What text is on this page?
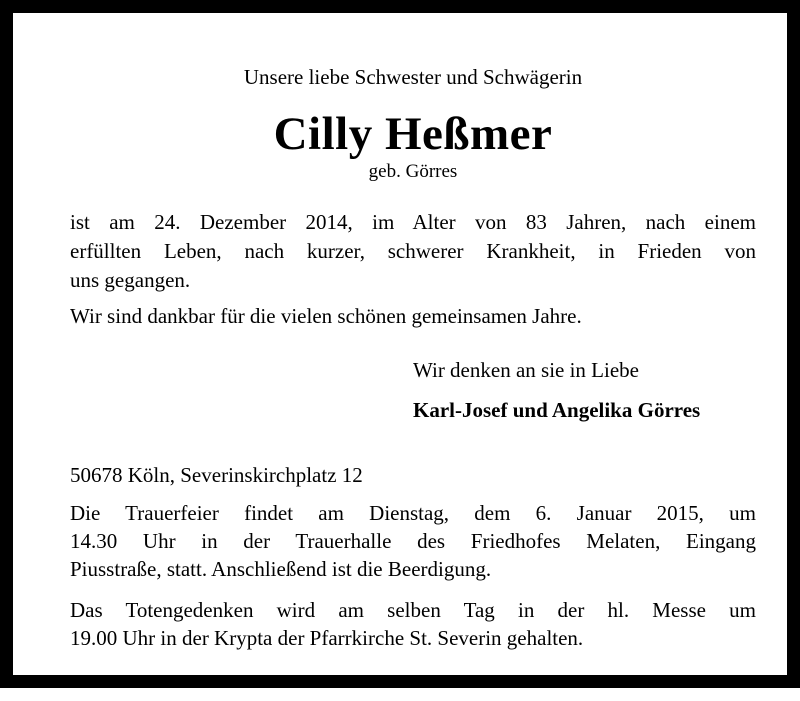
Unsere liebe Schwester und Schwägerin
Cilly Heßmer
geb. Görres
ist am 24. Dezember 2014, im Alter von 83 Jahren, nach einem
erfüllten Leben, nach kurzer, schwerer Krankheit, in Frieden von
uns gegangen.
Wir sind dankbar für die vielen schönen gemeinsamen Jahre.
Wir denken an sie in Liebe
Karl-Josef und Angelika Görres
50678 Köln, Severinskirchplatz 12
Die Trauerfeier findet am Dienstag, dem 6. Januar 2015, um
14.30 Uhr in der Trauerhalle des Friedhofes Melaten, Eingang
Piusstraße, statt. Anschließend ist die Beerdigung.
Das Totengedenken wird am selben Tag in der hl. Messe um
19.00 Uhr in der Krypta der Pfarrkirche St. Severin gehalten.
